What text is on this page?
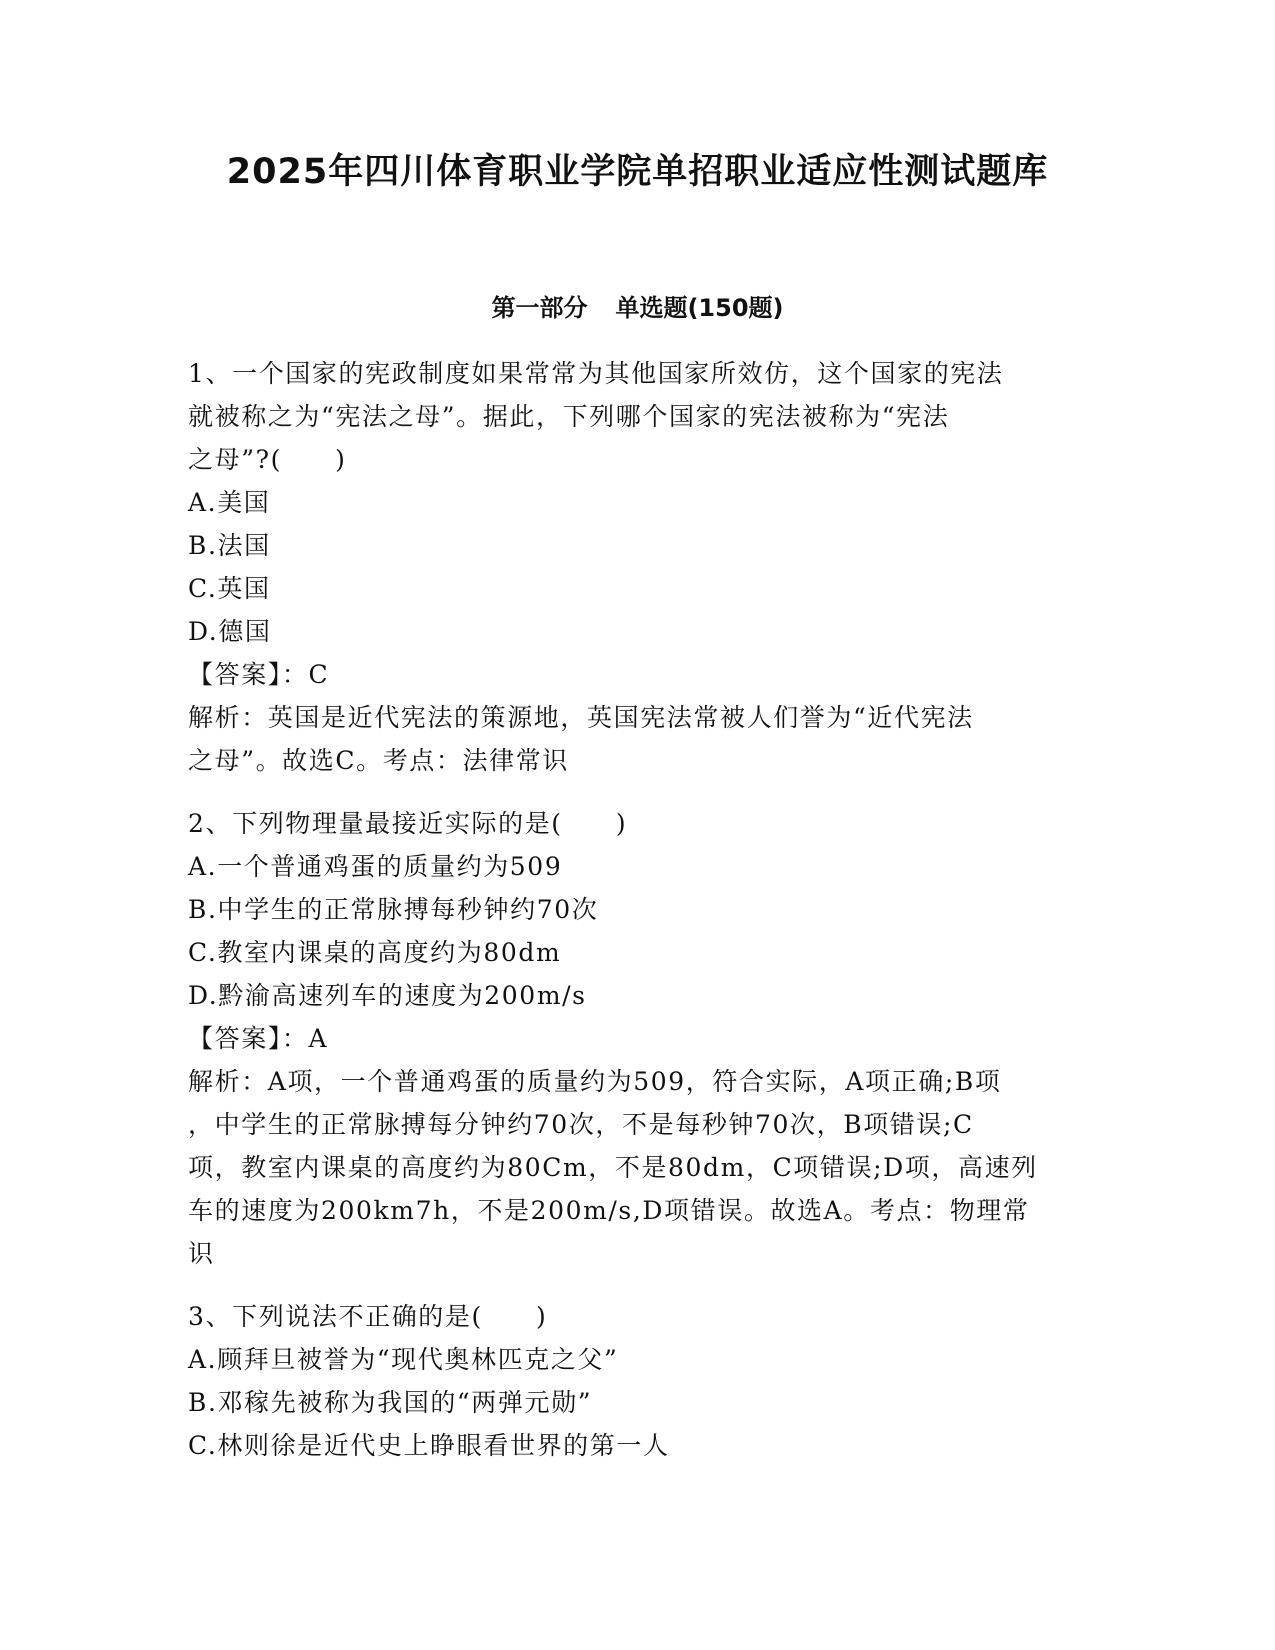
2025年四川体育职业学院单招职业适应性测试题库
第一部分 单选题(150题)
1、一个国家的宪政制度如果常常为其他国家所效仿，这个国家的宪法
就被称之为“宪法之母”。据此，下列哪个国家的宪法被称为“宪法
之母”?(　　)
A.美国
B.法国
C.英国
D.德国
【答案】：C
解析：英国是近代宪法的策源地，英国宪法常被人们誉为“近代宪法
之母”。故选C。考点：法律常识
2、下列物理量最接近实际的是(　　)
A.一个普通鸡蛋的质量约为509
B.中学生的正常脉搏每秒钟约70次
C.教室内课桌的高度约为80dm
D.黔渝高速列车的速度为200m/s
【答案】：A
解析：A项，一个普通鸡蛋的质量约为509，符合实际，A项正确;B项
，中学生的正常脉搏每分钟约70次，不是每秒钟70次，B项错误;C
项，教室内课桌的高度约为80Cm，不是80dm，C项错误;D项，高速列
车的速度为200km7h，不是200m/s,D项错误。故选A。考点：物理常
识
3、下列说法不正确的是(　　)
A.顾拜旦被誉为“现代奥林匹克之父”
B.邓稼先被称为我国的“两弹元勋”
C.林则徐是近代史上睁眼看世界的第一人
